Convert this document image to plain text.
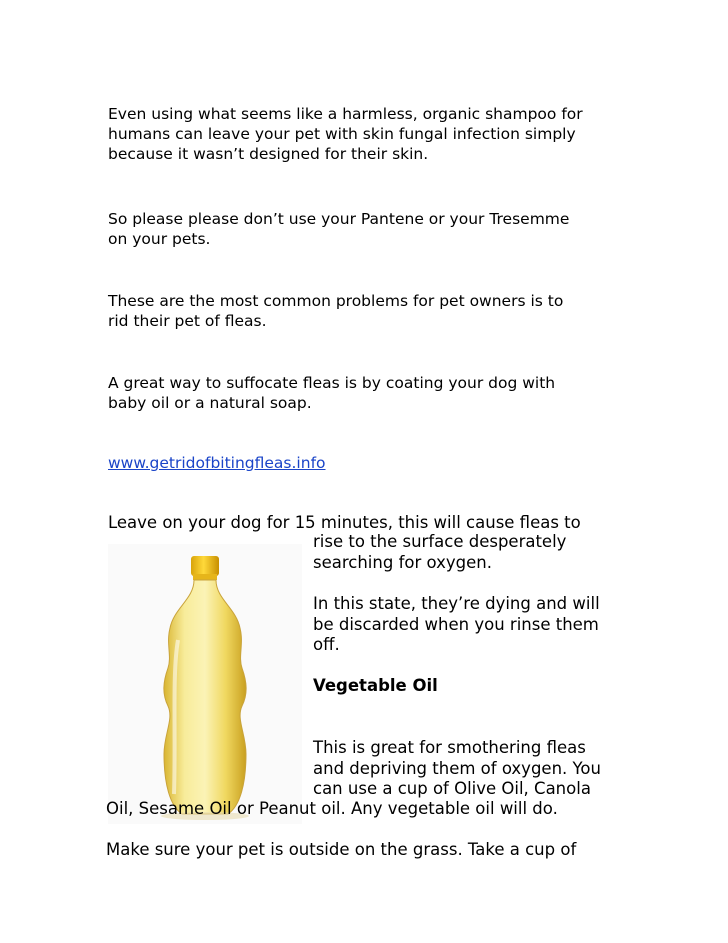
Even using what seems like a harmless, organic shampoo for
humans can leave your pet with skin fungal infection simply
because it wasn’t designed for their skin.

So please please don’t use your Pantene or your Tresemme
on your pets.

These are the most common problems for pet owners is to
rid their pet of fleas.

A great way to suffocate fleas is by coating your dog with
baby oil or a natural soap.

www.getridofbitingfleas.info

Leave on your dog for 15 minutes, this will cause fleas to

rise to the surface desperately
searching for oxygen.

In this state, they’re dying and will
be discarded when you rinse them
off.

Vegetable Oil

This is great for smothering fleas
and depriving them of oxygen. You
can use a cup of Olive Oil, Canola

Oil, Sesame Oil or Peanut oil. Any vegetable oil will do.

Make sure your pet is outside on the grass. Take a cup of
